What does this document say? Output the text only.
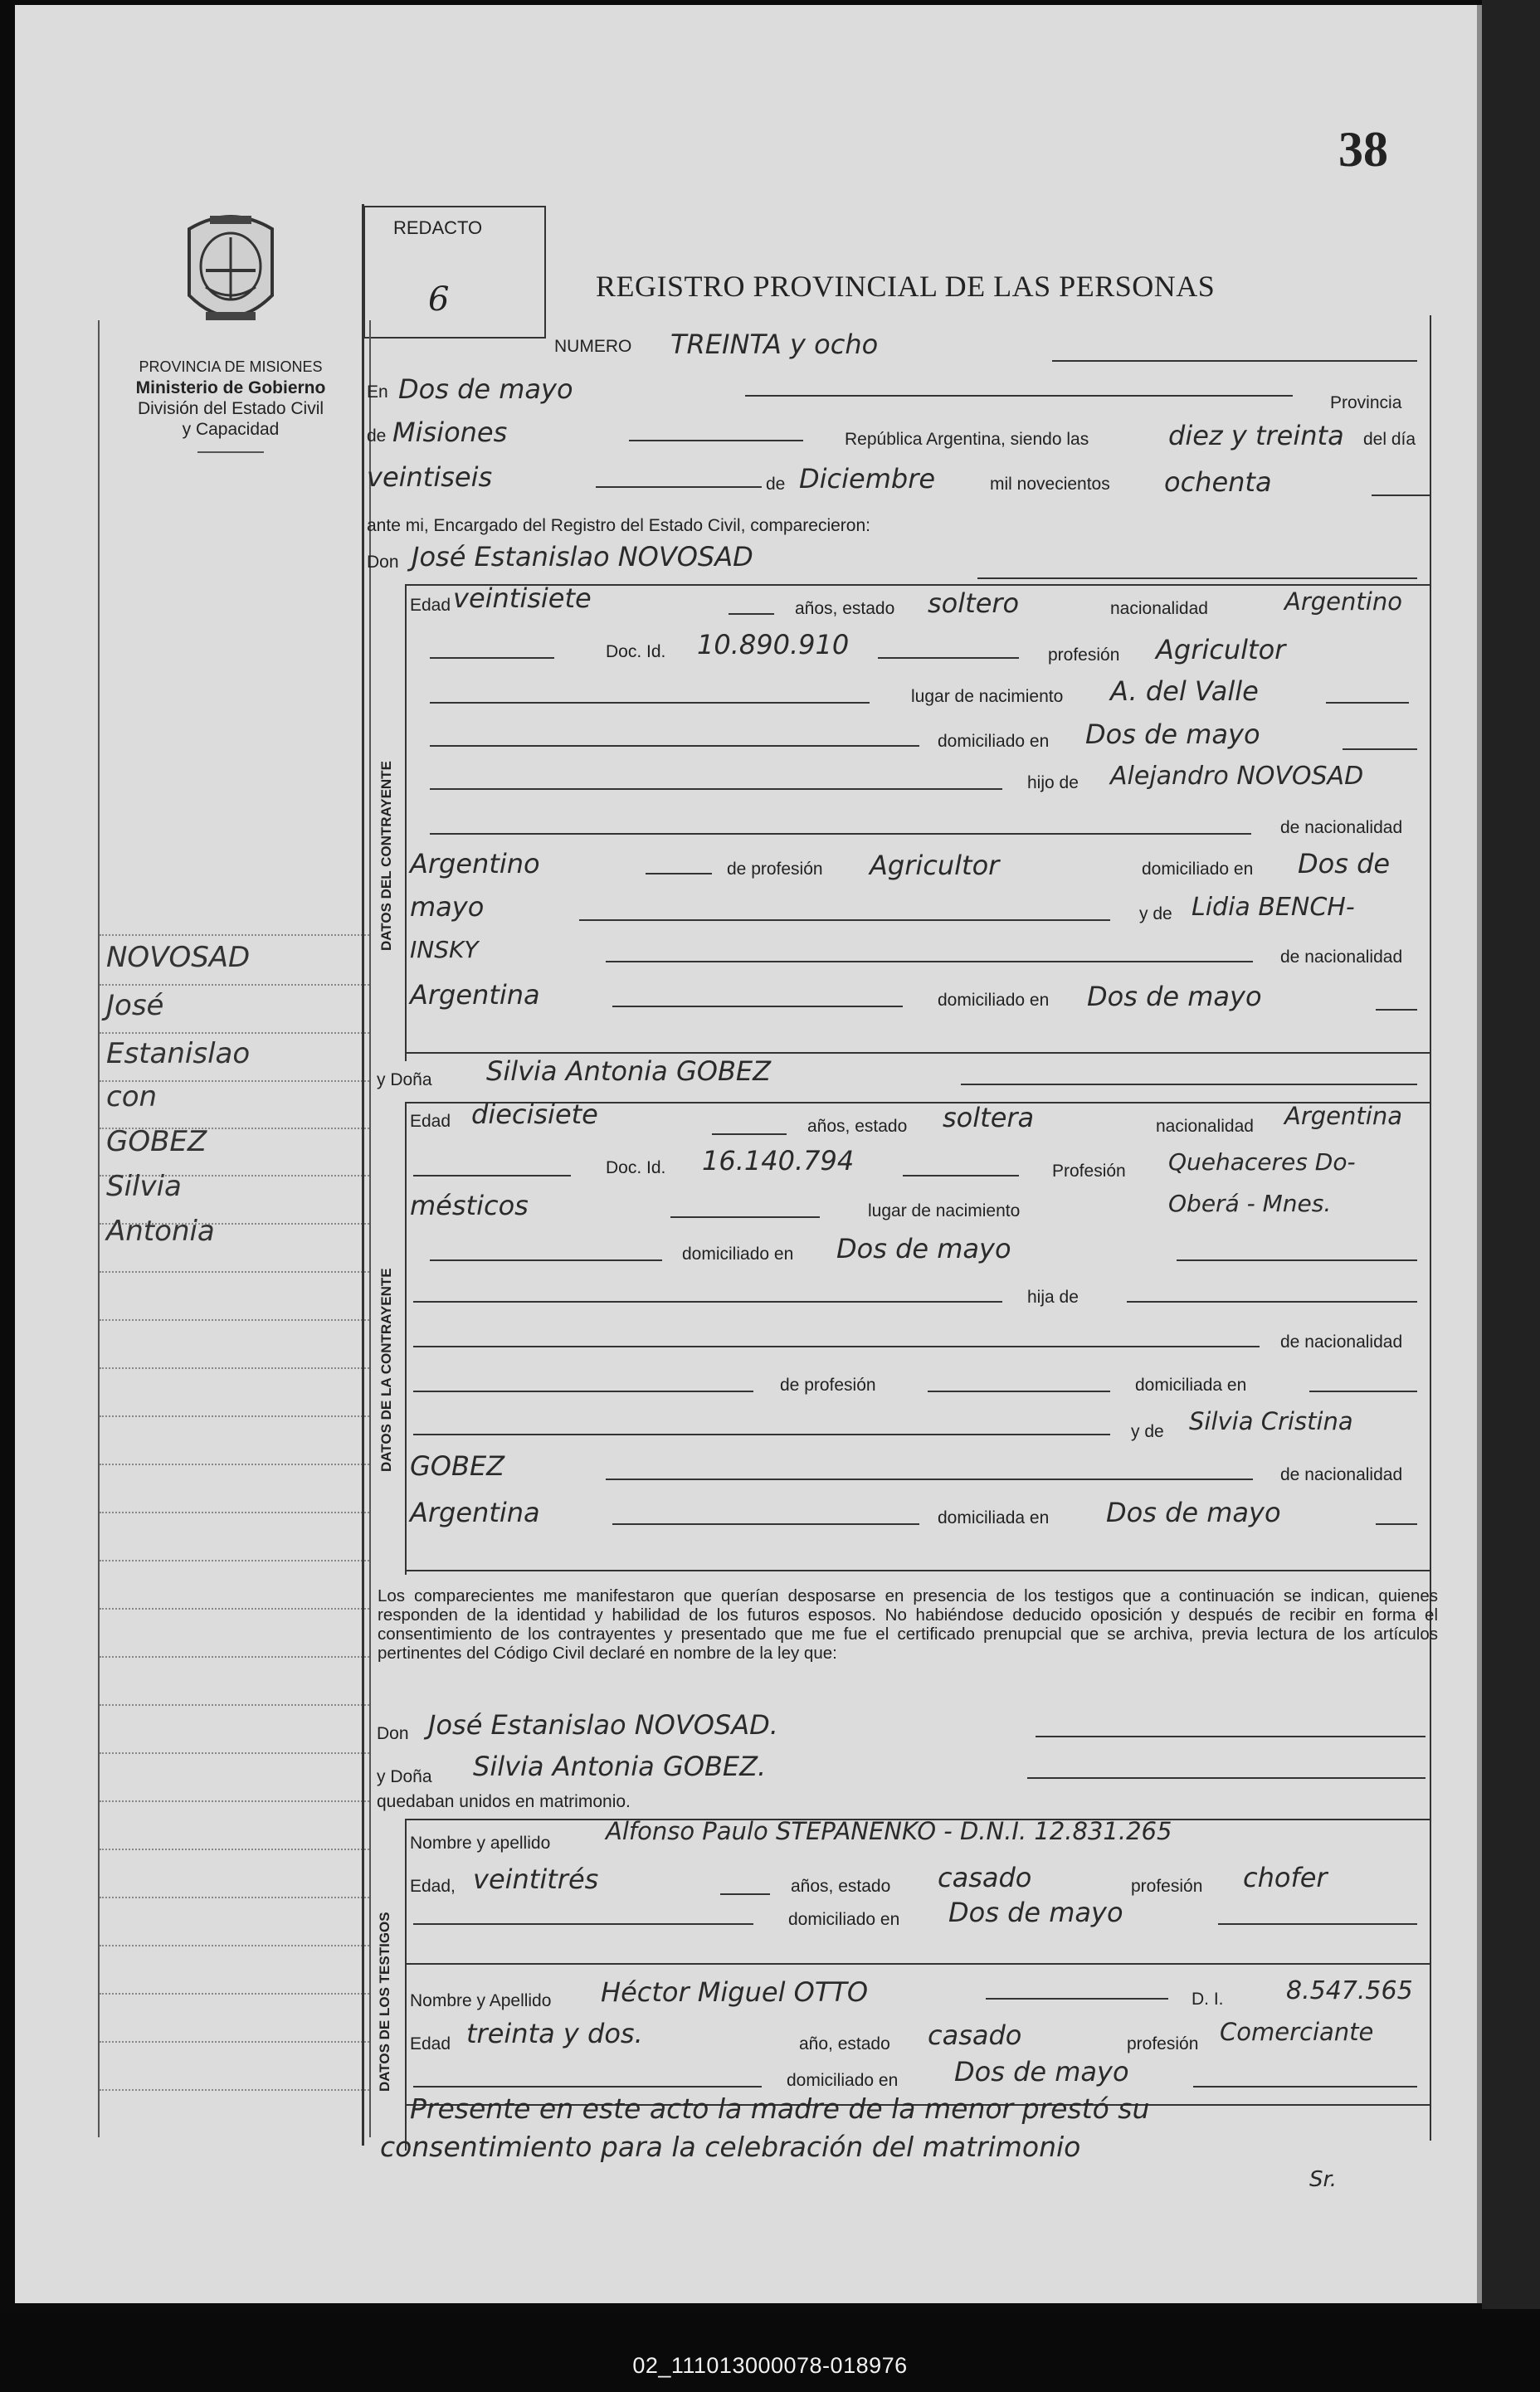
38
PROVINCIA DE MISIONES
Ministerio de Gobierno
División del Estado Civil
y Capacidad
REDACTO
6	REGISTRO PROVINCIAL DE LAS PERSONAS
NOVOSAD
José
Estanislao
con
GOBEZ
Silvia
Antonia
NUMERO TREINTA y ocho
En Dos de mayo	Provincia
de Misiones	República Argentina, siendo las	diez y treinta del día
veintiseis	de Diciembre	mil novecientos ochenta
ante mi, Encargado del Registro del Estado Civil, comparecieron:
Don José Estanislao NOVOSAD
DATOS DEL CONTRAYENTE
Edad veintisiete	años, estado soltero	nacionalidad	Argentino
Doc. Id. 10.890.910	profesión Agricultor
lugar de nacimiento A. del Valle
domiciliado en Dos de mayo
hijo de Alejandro NOVOSAD
de nacionalidad
Argentino	de profesión Agricultor	domiciliado en Dos de
mayo	y de Lidia BENCH-
INSKY	de nacionalidad
Argentina	domiciliado en Dos de mayo
y Doña Silvia Antonia GOBEZ
DATOS DE LA CONTRAYENTE
Edad diecisiete	años, estado soltera	nacionalidad Argentina
Doc. Id. 16.140.794	Profesión Quehaceres Do-
mésticos	lugar de nacimiento	Oberá - Mnes.
domiciliado en Dos de mayo
hija de
de nacionalidad
de profesión	domiciliada en
y de Silvia Cristina
GOBEZ	de nacionalidad
Argentina	domiciliada en Dos de mayo
Los comparecientes me manifestaron que querían desposarse en presencia de los testigos que a continuación se indican, quienes responden de la identidad y habilidad de los futuros esposos. No habiéndose deducido oposición y después de recibir en forma el consentimiento de los contrayentes y presentado que me fue el certificado prenupcial que se archiva, previa lectura de los artículos pertinentes del Código Civil declaré en nombre de la ley que:
Don José Estanislao NOVOSAD.
y Doña Silvia Antonia GOBEZ.
quedaban unidos en matrimonio.
DATOS DE LOS TESTIGOS
Nombre y apellido Alfonso Paulo STEPANENKO - D.N.I. 12.831.265
Edad, veintitrés	años, estado casado	profesión chofer
domiciliado en Dos de mayo
Nombre y Apellido Héctor Miguel OTTO	D. I.	8.547.565
Edad treinta y dos.	año, estado casado	profesión Comerciante
domiciliado en Dos de mayo
Presente en este acto la madre de la menor prestó su
consentimiento para la celebración del matrimonio
Sr.
02_111013000078-018976
